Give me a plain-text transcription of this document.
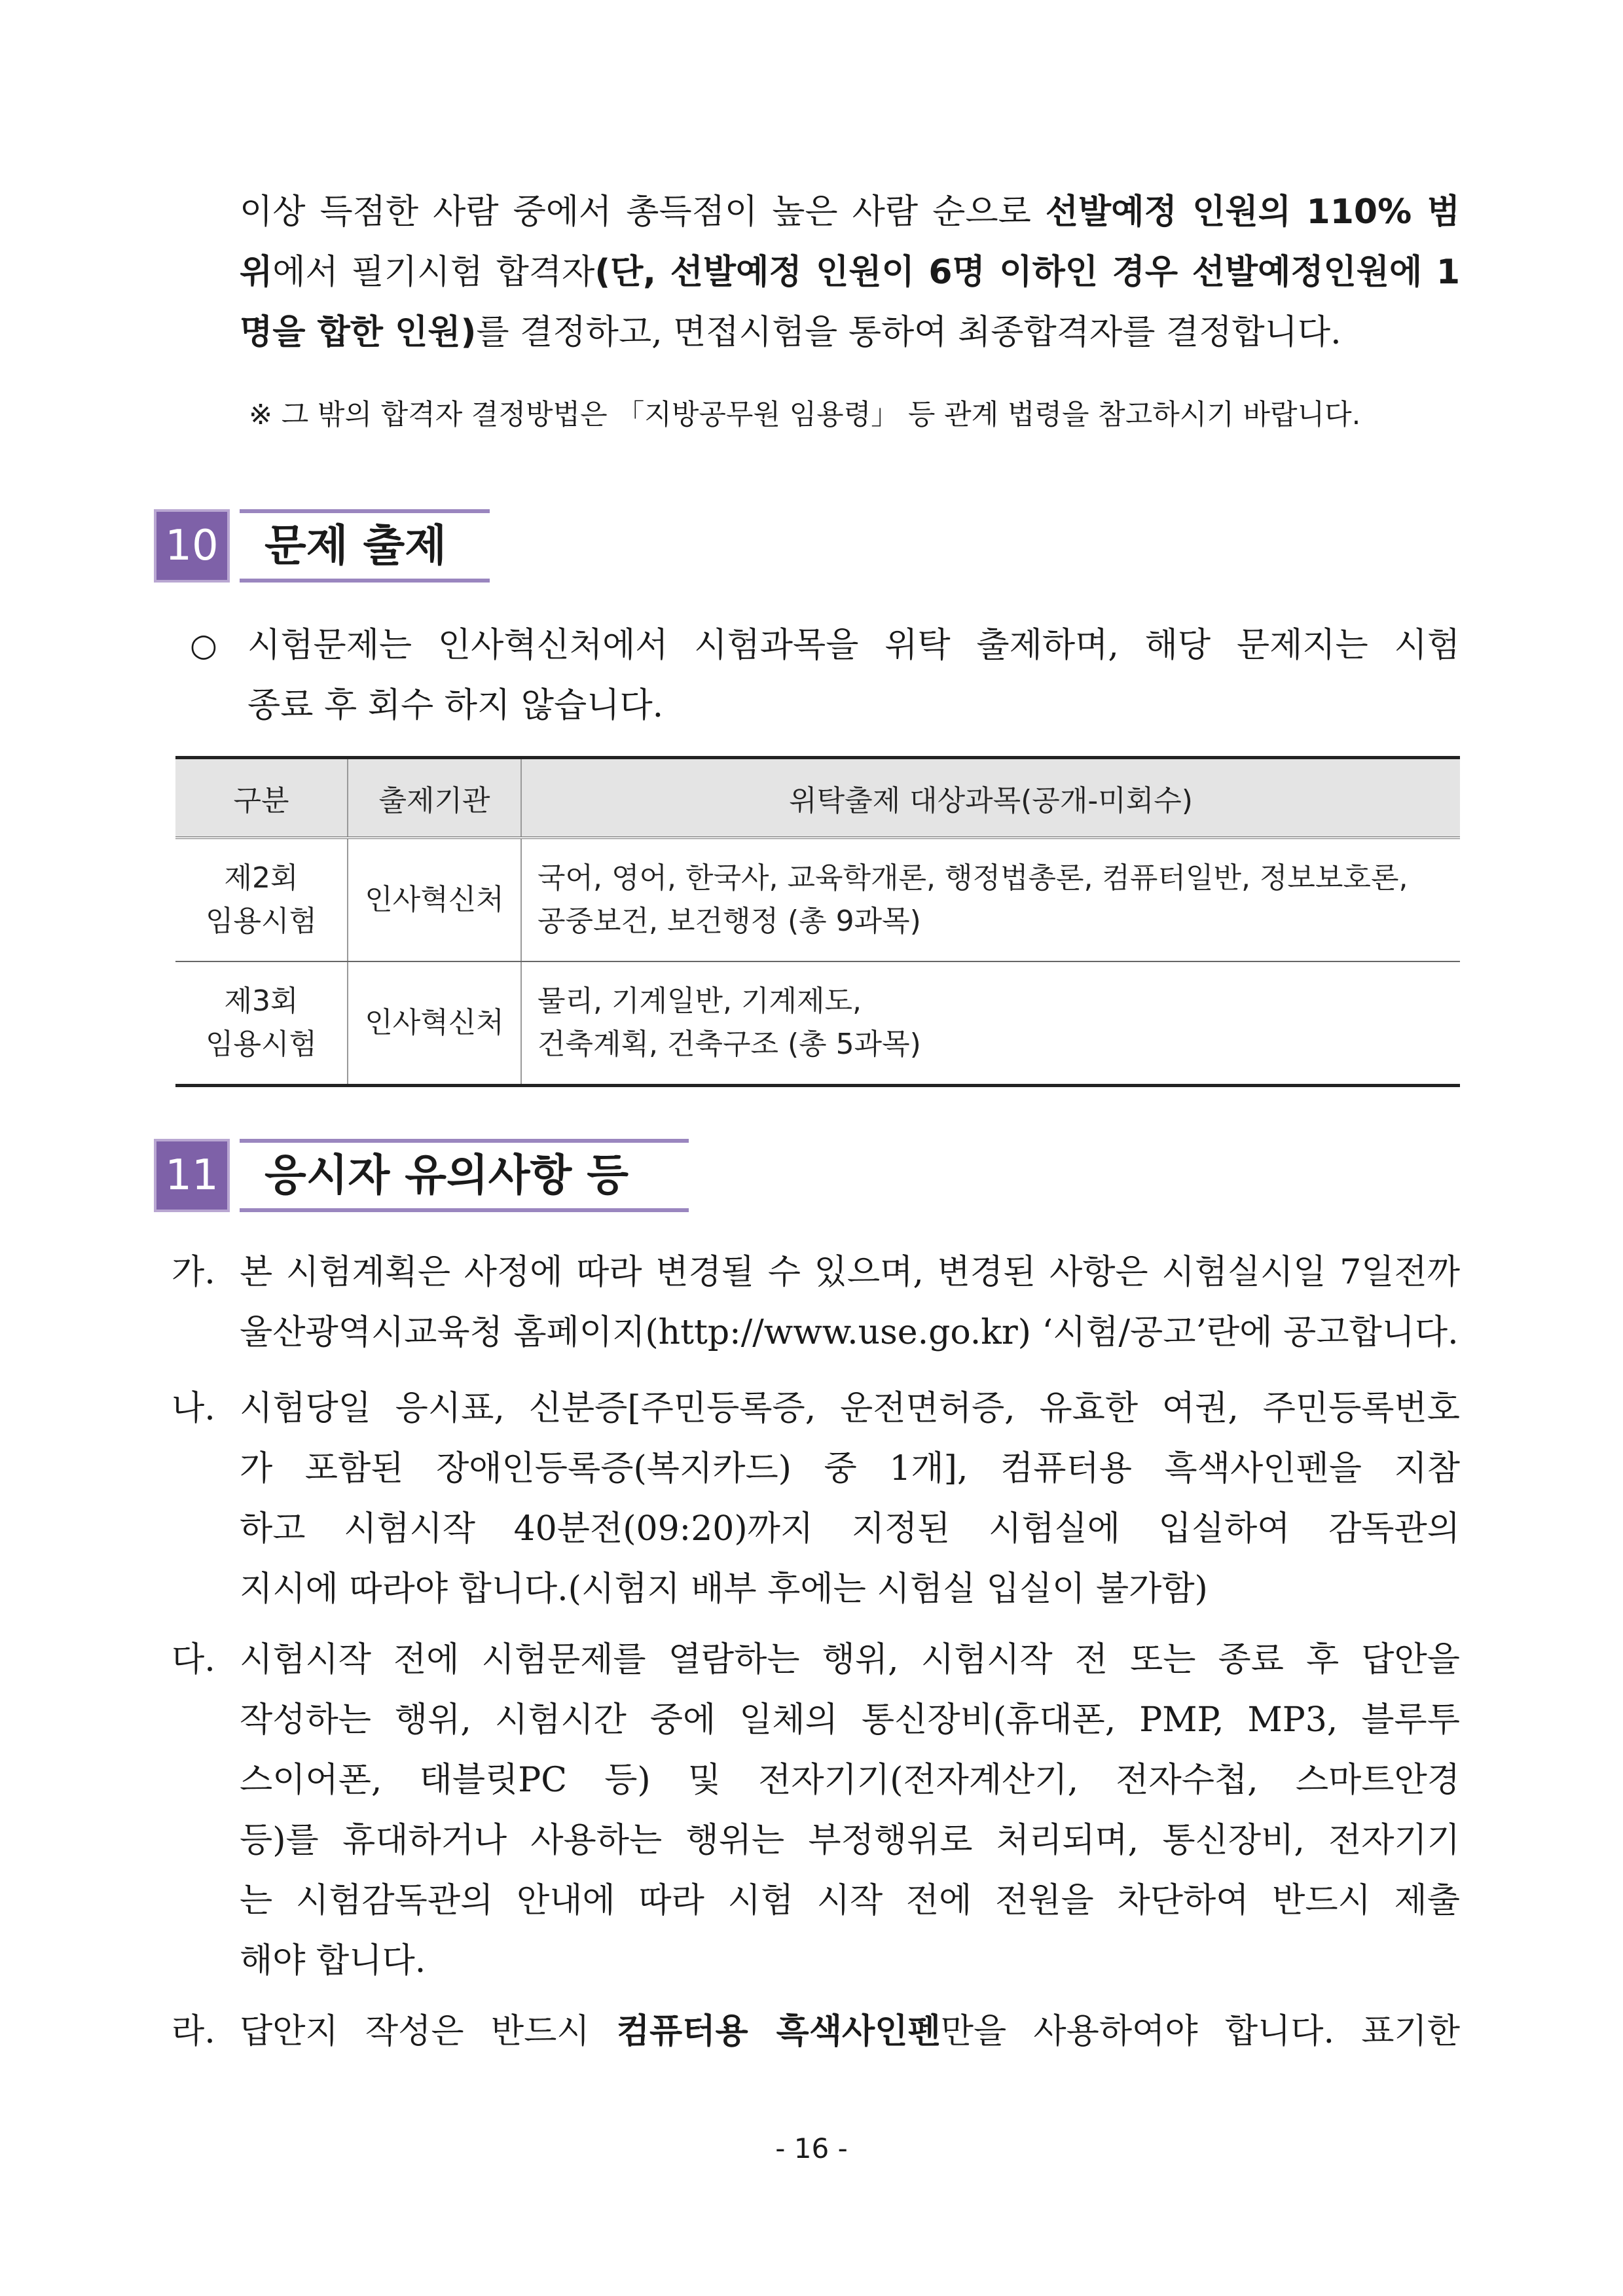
이상 득점한 사람 중에서 총득점이 높은 사람 순으로 선발예정 인원의 110% 범
위에서 필기시험 합격자(단, 선발예정 인원이 6명 이하인 경우 선발예정인원에 1
명을 합한 인원)를 결정하고, 면접시험을 통하여 최종합격자를 결정합니다.
※ 그 밖의 합격자 결정방법은 「지방공무원 임용령」 등 관계 법령을 참고하시기 바랍니다.
10	문제 출제
○ 시험문제는 인사혁신처에서 시험과목을 위탁 출제하며, 해당 문제지는 시험
종료 후 회수 하지 않습니다.
구분	출제기관	위탁출제 대상과목(공개-미회수)
제2회
임용시험	인사혁신처	국어, 영어, 한국사, 교육학개론, 행정법총론, 컴퓨터일반, 정보보호론,
공중보건, 보건행정 (총 9과목)
제3회
임용시험	인사혁신처	물리, 기계일반, 기계제도,
건축계획, 건축구조 (총 5과목)
11	응시자 유의사항 등
가. 본 시험계획은 사정에 따라 변경될 수 있으며, 변경된 사항은 시험실시일 7일전까
울산광역시교육청 홈페이지(http://www.use.go.kr) ‘시험/공고’란에 공고합니다.
나. 시험당일 응시표, 신분증[주민등록증, 운전면허증, 유효한 여권, 주민등록번호
가 포함된 장애인등록증(복지카드) 중 1개], 컴퓨터용 흑색사인펜을 지참
하고 시험시작 40분전(09:20)까지 지정된 시험실에 입실하여 감독관의
지시에 따라야 합니다.(시험지 배부 후에는 시험실 입실이 불가함)
다. 시험시작 전에 시험문제를 열람하는 행위, 시험시작 전 또는 종료 후 답안을
작성하는 행위, 시험시간 중에 일체의 통신장비(휴대폰, PMP, MP3, 블루투
스이어폰, 태블릿PC 등) 및 전자기기(전자계산기, 전자수첩, 스마트안경
등)를 휴대하거나 사용하는 행위는 부정행위로 처리되며, 통신장비, 전자기기
는 시험감독관의 안내에 따라 시험 시작 전에 전원을 차단하여 반드시 제출
해야 합니다.
라. 답안지 작성은 반드시 컴퓨터용 흑색사인펜만을 사용하여야 합니다. 표기한
- 16 -
